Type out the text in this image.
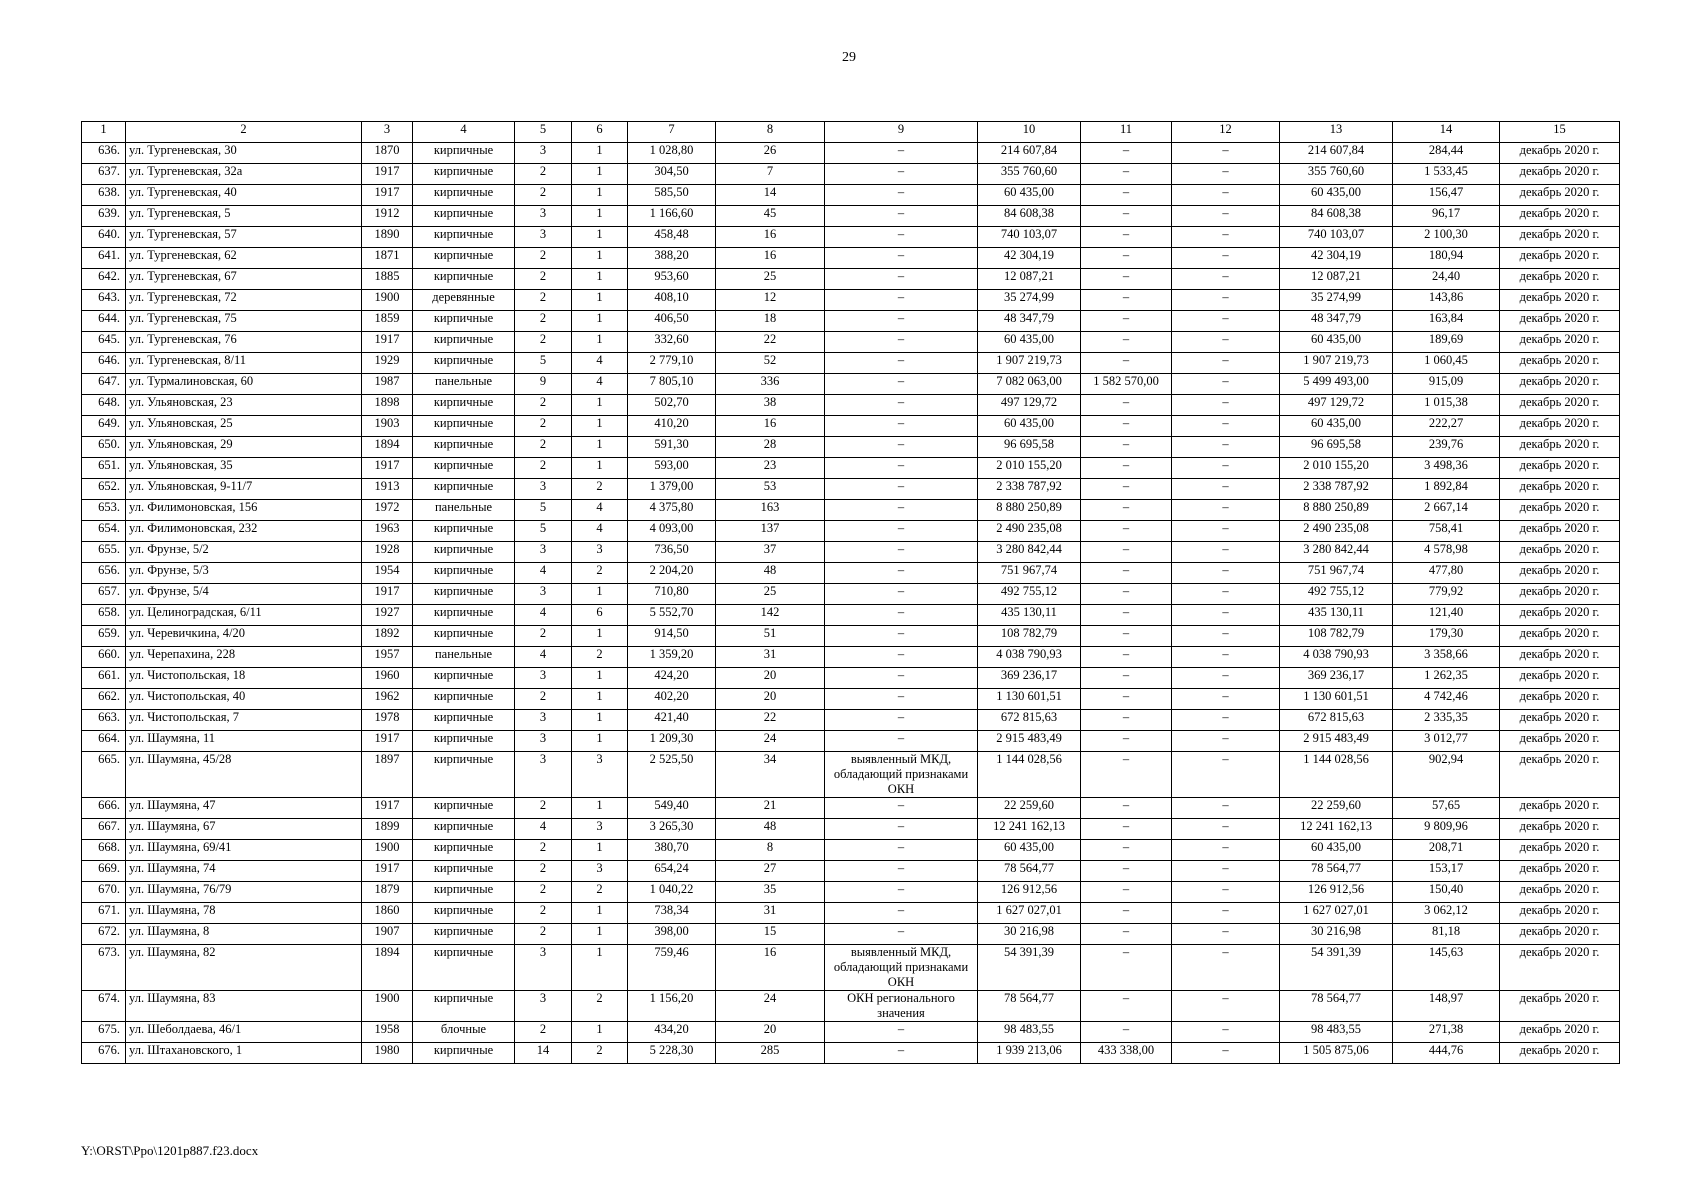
29
1	2	3	4	5	6	7	8	9	10	11	12	13	14	15
636.	ул. Тургеневская, 30	1870	кирпичные	3	1	1 028,80	26	–	214 607,84	–	–	214 607,84	284,44	декабрь 2020 г.
637.	ул. Тургеневская, 32а	1917	кирпичные	2	1	304,50	7	–	355 760,60	–	–	355 760,60	1 533,45	декабрь 2020 г.
638.	ул. Тургеневская, 40	1917	кирпичные	2	1	585,50	14	–	60 435,00	–	–	60 435,00	156,47	декабрь 2020 г.
639.	ул. Тургеневская, 5	1912	кирпичные	3	1	1 166,60	45	–	84 608,38	–	–	84 608,38	96,17	декабрь 2020 г.
640.	ул. Тургеневская, 57	1890	кирпичные	3	1	458,48	16	–	740 103,07	–	–	740 103,07	2 100,30	декабрь 2020 г.
641.	ул. Тургеневская, 62	1871	кирпичные	2	1	388,20	16	–	42 304,19	–	–	42 304,19	180,94	декабрь 2020 г.
642.	ул. Тургеневская, 67	1885	кирпичные	2	1	953,60	25	–	12 087,21	–	–	12 087,21	24,40	декабрь 2020 г.
643.	ул. Тургеневская, 72	1900	деревянные	2	1	408,10	12	–	35 274,99	–	–	35 274,99	143,86	декабрь 2020 г.
644.	ул. Тургеневская, 75	1859	кирпичные	2	1	406,50	18	–	48 347,79	–	–	48 347,79	163,84	декабрь 2020 г.
645.	ул. Тургеневская, 76	1917	кирпичные	2	1	332,60	22	–	60 435,00	–	–	60 435,00	189,69	декабрь 2020 г.
646.	ул. Тургеневская, 8/11	1929	кирпичные	5	4	2 779,10	52	–	1 907 219,73	–	–	1 907 219,73	1 060,45	декабрь 2020 г.
647.	ул. Турмалиновская, 60	1987	панельные	9	4	7 805,10	336	–	7 082 063,00	1 582 570,00	–	5 499 493,00	915,09	декабрь 2020 г.
648.	ул. Ульяновская, 23	1898	кирпичные	2	1	502,70	38	–	497 129,72	–	–	497 129,72	1 015,38	декабрь 2020 г.
649.	ул. Ульяновская, 25	1903	кирпичные	2	1	410,20	16	–	60 435,00	–	–	60 435,00	222,27	декабрь 2020 г.
650.	ул. Ульяновская, 29	1894	кирпичные	2	1	591,30	28	–	96 695,58	–	–	96 695,58	239,76	декабрь 2020 г.
651.	ул. Ульяновская, 35	1917	кирпичные	2	1	593,00	23	–	2 010 155,20	–	–	2 010 155,20	3 498,36	декабрь 2020 г.
652.	ул. Ульяновская, 9-11/7	1913	кирпичные	3	2	1 379,00	53	–	2 338 787,92	–	–	2 338 787,92	1 892,84	декабрь 2020 г.
653.	ул. Филимоновская, 156	1972	панельные	5	4	4 375,80	163	–	8 880 250,89	–	–	8 880 250,89	2 667,14	декабрь 2020 г.
654.	ул. Филимоновская, 232	1963	кирпичные	5	4	4 093,00	137	–	2 490 235,08	–	–	2 490 235,08	758,41	декабрь 2020 г.
655.	ул. Фрунзе, 5/2	1928	кирпичные	3	3	736,50	37	–	3 280 842,44	–	–	3 280 842,44	4 578,98	декабрь 2020 г.
656.	ул. Фрунзе, 5/3	1954	кирпичные	4	2	2 204,20	48	–	751 967,74	–	–	751 967,74	477,80	декабрь 2020 г.
657.	ул. Фрунзе, 5/4	1917	кирпичные	3	1	710,80	25	–	492 755,12	–	–	492 755,12	779,92	декабрь 2020 г.
658.	ул. Целиноградская, 6/11	1927	кирпичные	4	6	5 552,70	142	–	435 130,11	–	–	435 130,11	121,40	декабрь 2020 г.
659.	ул. Черевичкина, 4/20	1892	кирпичные	2	1	914,50	51	–	108 782,79	–	–	108 782,79	179,30	декабрь 2020 г.
660.	ул. Черепахина, 228	1957	панельные	4	2	1 359,20	31	–	4 038 790,93	–	–	4 038 790,93	3 358,66	декабрь 2020 г.
661.	ул. Чистопольская, 18	1960	кирпичные	3	1	424,20	20	–	369 236,17	–	–	369 236,17	1 262,35	декабрь 2020 г.
662.	ул. Чистопольская, 40	1962	кирпичные	2	1	402,20	20	–	1 130 601,51	–	–	1 130 601,51	4 742,46	декабрь 2020 г.
663.	ул. Чистопольская, 7	1978	кирпичные	3	1	421,40	22	–	672 815,63	–	–	672 815,63	2 335,35	декабрь 2020 г.
664.	ул. Шаумяна, 11	1917	кирпичные	3	1	1 209,30	24	–	2 915 483,49	–	–	2 915 483,49	3 012,77	декабрь 2020 г.
665.	ул. Шаумяна, 45/28	1897	кирпичные	3	3	2 525,50	34	выявленный МКД, обладающий признаками ОКН	1 144 028,56	–	–	1 144 028,56	902,94	декабрь 2020 г.
666.	ул. Шаумяна, 47	1917	кирпичные	2	1	549,40	21	–	22 259,60	–	–	22 259,60	57,65	декабрь 2020 г.
667.	ул. Шаумяна, 67	1899	кирпичные	4	3	3 265,30	48	–	12 241 162,13	–	–	12 241 162,13	9 809,96	декабрь 2020 г.
668.	ул. Шаумяна, 69/41	1900	кирпичные	2	1	380,70	8	–	60 435,00	–	–	60 435,00	208,71	декабрь 2020 г.
669.	ул. Шаумяна, 74	1917	кирпичные	2	3	654,24	27	–	78 564,77	–	–	78 564,77	153,17	декабрь 2020 г.
670.	ул. Шаумяна, 76/79	1879	кирпичные	2	2	1 040,22	35	–	126 912,56	–	–	126 912,56	150,40	декабрь 2020 г.
671.	ул. Шаумяна, 78	1860	кирпичные	2	1	738,34	31	–	1 627 027,01	–	–	1 627 027,01	3 062,12	декабрь 2020 г.
672.	ул. Шаумяна, 8	1907	кирпичные	2	1	398,00	15	–	30 216,98	–	–	30 216,98	81,18	декабрь 2020 г.
673.	ул. Шаумяна, 82	1894	кирпичные	3	1	759,46	16	выявленный МКД, обладающий признаками ОКН	54 391,39	–	–	54 391,39	145,63	декабрь 2020 г.
674.	ул. Шаумяна, 83	1900	кирпичные	3	2	1 156,20	24	ОКН регионального значения	78 564,77	–	–	78 564,77	148,97	декабрь 2020 г.
675.	ул. Шеболдаева, 46/1	1958	блочные	2	1	434,20	20	–	98 483,55	–	–	98 483,55	271,38	декабрь 2020 г.
676.	ул. Штахановского, 1	1980	кирпичные	14	2	5 228,30	285	–	1 939 213,06	433 338,00	–	1 505 875,06	444,76	декабрь 2020 г.
Y:\ORST\Ppo\1201p887.f23.docx
